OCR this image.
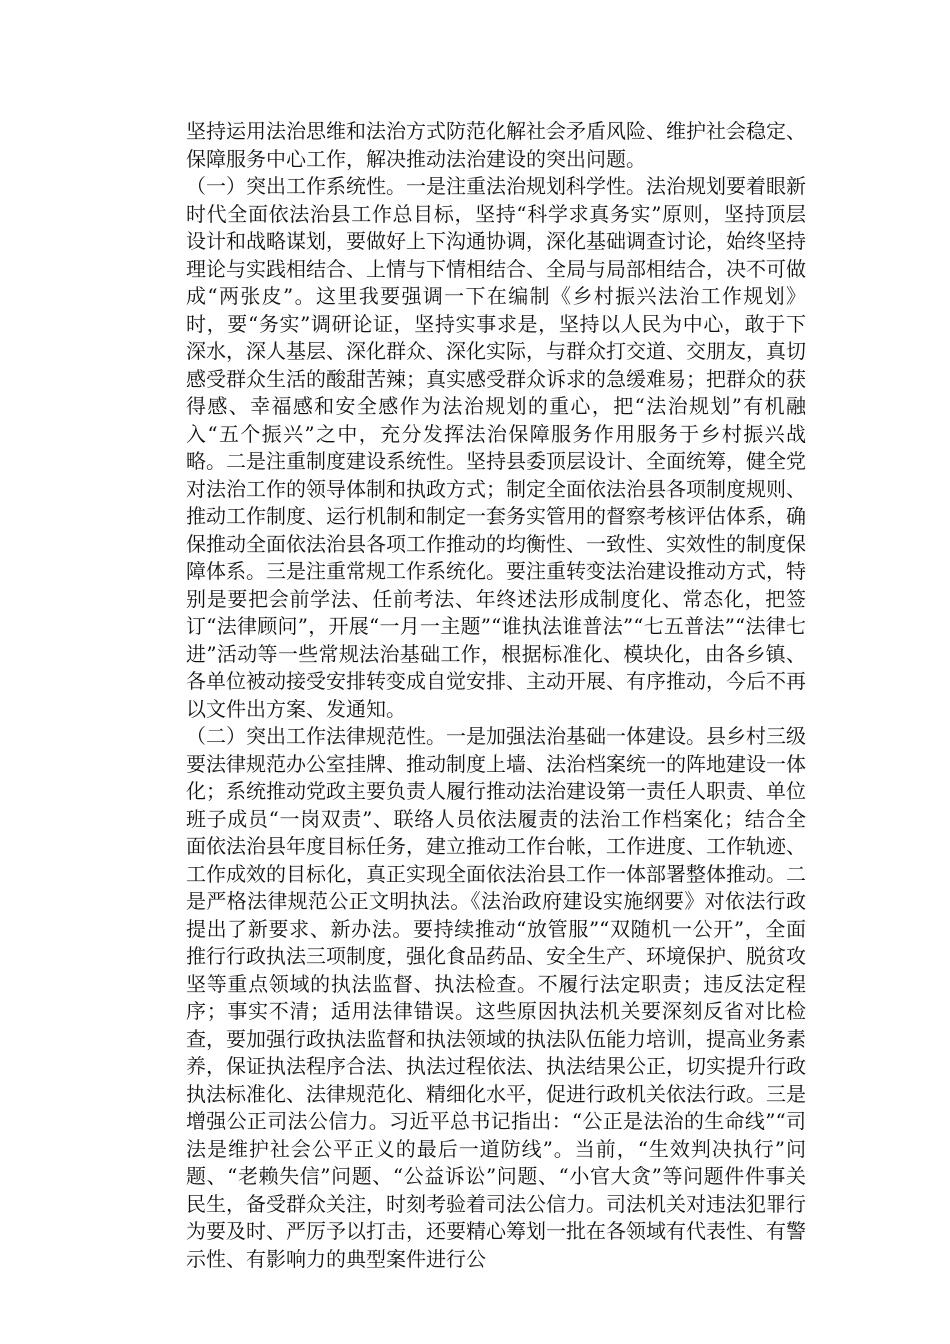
坚持运用法治思维和法治方式防范化解社会矛盾风险、维护社会稳定、保障服务中心工作，解决推动法治建设的突出问题。

（一）突出工作系统性。一是注重法治规划科学性。法治规划要着眼新时代全面依法治县工作总目标，坚持“科学求真务实”原则，坚持顶层设计和战略谋划，要做好上下沟通协调，深化基础调查讨论，始终坚持理论与实践相结合、上情与下情相结合、全局与局部相结合，决不可做成“两张皮”。这里我要强调一下在编制《乡村振兴法治工作规划》时，要“务实”调研论证，坚持实事求是，坚持以人民为中心，敢于下深水，深人基层、深化群众、深化实际，与群众打交道、交朋友，真切感受群众生活的酸甜苦辣；真实感受群众诉求的急缓难易；把群众的获得感、幸福感和安全感作为法治规划的重心，把“法治规划”有机融入“五个振兴”之中，充分发挥法治保障服务作用服务于乡村振兴战略。二是注重制度建设系统性。坚持县委顶层设计、全面统筹，健全党对法治工作的领导体制和执政方式；制定全面依法治县各项制度规则、推动工作制度、运行机制和制定一套务实管用的督察考核评估体系，确保推动全面依法治县各项工作推动的均衡性、一致性、实效性的制度保障体系。三是注重常规工作系统化。要注重转变法治建设推动方式，特别是要把会前学法、任前考法、年终述法形成制度化、常态化，把签订“法律顾问”，开展“一月一主题”“谁执法谁普法”“七五普法”“法律七进”活动等一些常规法治基础工作，根据标准化、模块化，由各乡镇、各单位被动接受安排转变成自觉安排、主动开展、有序推动，今后不再以文件出方案、发通知。

（二）突出工作法律规范性。一是加强法治基础一体建设。县乡村三级要法律规范办公室挂牌、推动制度上墙、法治档案统一的阵地建设一体化；系统推动党政主要负责人履行推动法治建设第一责任人职责、单位班子成员“一岗双责”、联络人员依法履责的法治工作档案化；结合全面依法治县年度目标任务，建立推动工作台帐，工作进度、工作轨迹、工作成效的目标化，真正实现全面依法治县工作一体部署整体推动。二是严格法律规范公正文明执法。《法治政府建设实施纲要》对依法行政提出了新要求、新办法。要持续推动“放管服”“双随机一公开”，全面推行行政执法三项制度，强化食品药品、安全生产、环境保护、脱贫攻坚等重点领域的执法监督、执法检查。不履行法定职责；违反法定程序；事实不清；适用法律错误。这些原因执法机关要深刻反省对比检查，要加强行政执法监督和执法领域的执法队伍能力培训，提高业务素养，保证执法程序合法、执法过程依法、执法结果公正，切实提升行政执法标准化、法律规范化、精细化水平，促进行政机关依法行政。三是增强公正司法公信力。习近平总书记指出：“公正是法治的生命线”“司法是维护社会公平正义的最后一道防线”。当前，“生效判决执行”问题、“老赖失信”问题、“公益诉讼”问题、“小官大贪”等问题件件事关民生，备受群众关注，时刻考验着司法公信力。司法机关对违法犯罪行为要及时、严厉予以打击，还要精心筹划一批在各领域有代表性、有警示性、有影响力的典型案件进行公
